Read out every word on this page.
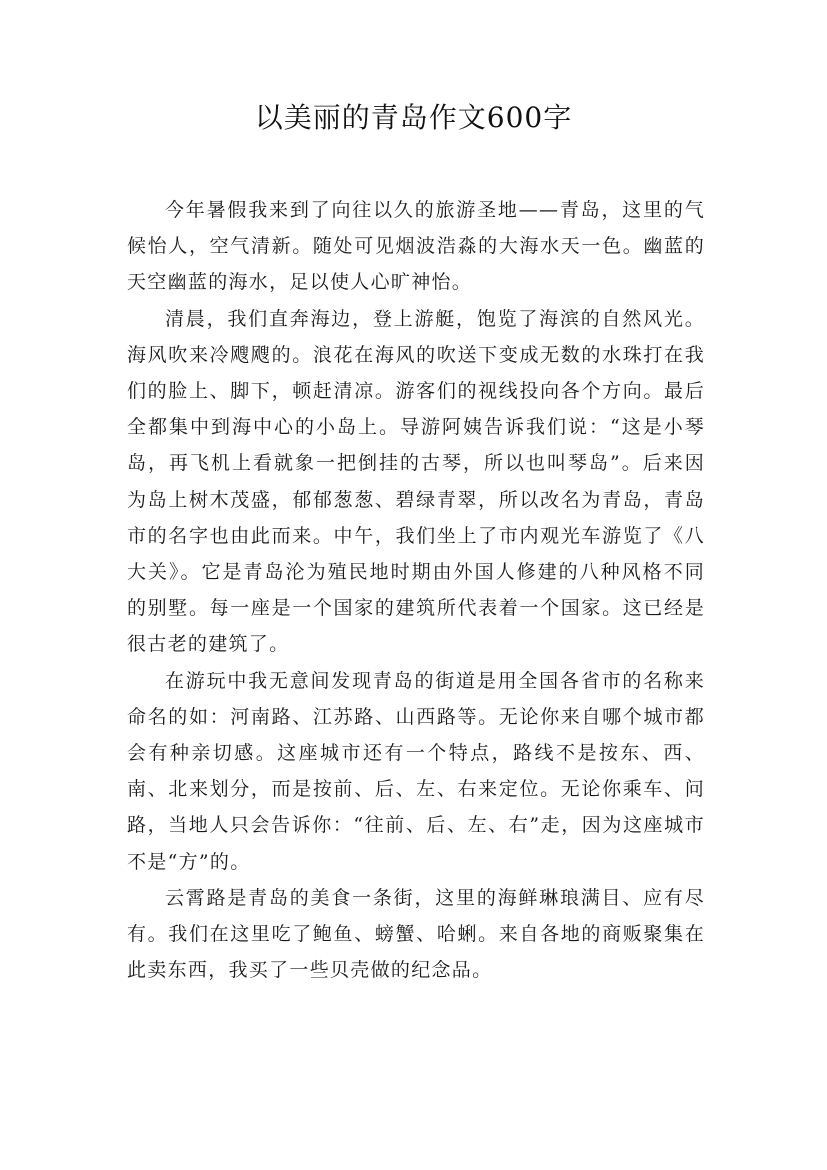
以美丽的青岛作文600字

今年暑假我来到了向往以久的旅游圣地——青岛，这里的气候怡人，空气清新。随处可见烟波浩淼的大海水天一色。幽蓝的天空幽蓝的海水，足以使人心旷神怡。

清晨，我们直奔海边，登上游艇，饱览了海滨的自然风光。海风吹来冷飕飕的。浪花在海风的吹送下变成无数的水珠打在我们的脸上、脚下，顿赶清凉。游客们的视线投向各个方向。最后全都集中到海中心的小岛上。导游阿姨告诉我们说：“这是小琴岛，再飞机上看就象一把倒挂的古琴，所以也叫琴岛”。后来因为岛上树木茂盛，郁郁葱葱、碧绿青翠，所以改名为青岛，青岛市的名字也由此而来。中午，我们坐上了市内观光车游览了《八大关》。它是青岛沦为殖民地时期由外国人修建的八种风格不同的别墅。每一座是一个国家的建筑所代表着一个国家。这已经是很古老的建筑了。

在游玩中我无意间发现青岛的街道是用全国各省市的名称来命名的如：河南路、江苏路、山西路等。无论你来自哪个城市都会有种亲切感。这座城市还有一个特点，路线不是按东、西、南、北来划分，而是按前、后、左、右来定位。无论你乘车、问路，当地人只会告诉你：“往前、后、左、右”走，因为这座城市不是“方”的。

云霄路是青岛的美食一条街，这里的海鲜琳琅满目、应有尽有。我们在这里吃了鲍鱼、螃蟹、哈蜊。来自各地的商贩聚集在此卖东西，我买了一些贝壳做的纪念品。
